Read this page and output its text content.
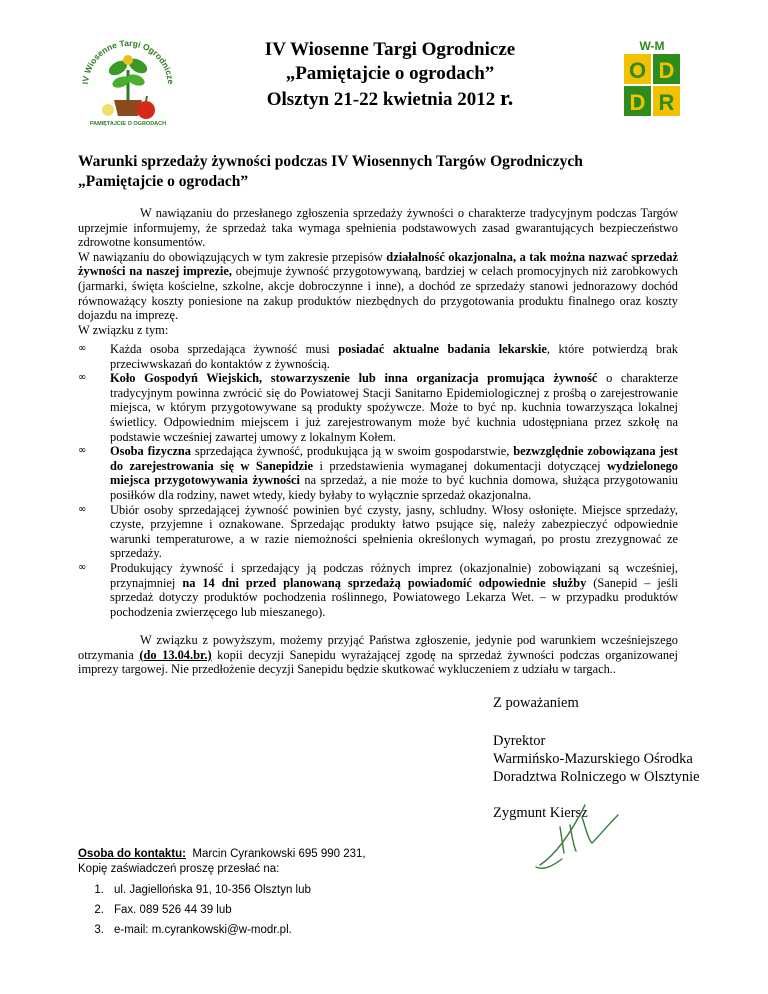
IV Wiosenne Targi Ogrodnicze
PAMIĘTAJCIE O OGRODACH
W-M
O D
D R
IV Wiosenne Targi Ogrodnicze
„Pamiętajcie o ogrodach”
Olsztyn 21-22 kwietnia 2012 r.
Warunki sprzedaży żywności podczas IV Wiosennych Targów Ogrodniczych
„Pamiętajcie o ogrodach”

W nawiązaniu do przesłanego zgłoszenia sprzedaży żywności o charakterze tradycyjnym podczas Targów uprzejmie informujemy, że sprzedaż taka wymaga spełnienia podstawowych zasad gwarantujących bezpieczeństwo zdrowotne konsumentów.

W nawiązaniu do obowiązujących w tym zakresie przepisów działalność okazjonalna, a tak można nazwać sprzedaż żywności na naszej imprezie, obejmuje żywność przygotowywaną, bardziej w celach promocyjnych niż zarobkowych (jarmarki, święta kościelne, szkolne, akcje dobroczynne i inne), a dochód ze sprzedaży stanowi jednorazowy dochód równoważący koszty poniesione na zakup produktów niezbędnych do przygotowania produktu finalnego oraz koszty dojazdu na imprezę.

W związku z tym:

∞ Każda osoba sprzedająca żywność musi posiadać aktualne badania lekarskie, które potwierdzą brak przeciwwskazań do kontaktów z żywnością.
∞ Koło Gospodyń Wiejskich, stowarzyszenie lub inna organizacja promująca żywność o charakterze tradycyjnym powinna zwrócić się do Powiatowej Stacji Sanitarno Epidemiologicznej z prośbą o zarejestrowanie miejsca, w którym przygotowywane są produkty spożywcze. Może to być np. kuchnia towarzysząca lokalnej świetlicy. Odpowiednim miejscem i już zarejestrowanym może być kuchnia udostępniana przez szkołę na podstawie wcześniej zawartej umowy z lokalnym Kołem.
∞ Osoba fizyczna sprzedająca żywność, produkująca ją w swoim gospodarstwie, bezwzględnie zobowiązana jest do zarejestrowania się w Sanepidzie i przedstawienia wymaganej dokumentacji dotyczącej wydzielonego miejsca przygotowywania żywności na sprzedaż, a nie może to być kuchnia domowa, służąca przygotowaniu posiłków dla rodziny, nawet wtedy, kiedy byłaby to wyłącznie sprzedaż okazjonalna.
∞ Ubiór osoby sprzedającej żywność powinien być czysty, jasny, schludny. Włosy osłonięte. Miejsce sprzedaży, czyste, przyjemne i oznakowane. Sprzedając produkty łatwo psujące się, należy zabezpieczyć odpowiednie warunki temperaturowe, a w razie niemożności spełnienia określonych wymagań, po prostu zrezygnować ze sprzedaży.
∞ Produkujący żywność i sprzedający ją podczas różnych imprez (okazjonalnie) zobowiązani są wcześniej, przynajmniej na 14 dni przed planowaną sprzedażą powiadomić odpowiednie służby (Sanepid – jeśli sprzedaż dotyczy produktów pochodzenia roślinnego, Powiatowego Lekarza Wet. – w przypadku produktów pochodzenia zwierzęcego lub mieszanego).

W związku z powyższym, możemy przyjąć Państwa zgłoszenie, jedynie pod warunkiem wcześniejszego otrzymania (do 13.04.br.) kopii decyzji Sanepidu wyrażającej zgodę na sprzedaż żywności podczas organizowanej imprezy targowej. Nie przedłożenie decyzji Sanepidu będzie skutkować wykluczeniem z udziału w targach..

Z poważaniem
Dyrektor
Warmińsko-Mazurskiego Ośrodka
Doradztwa Rolniczego w Olsztynie
Zygmunt Kiersz
Osoba do kontaktu: Marcin Cyrankowski 695 990 231,
Kopię zaświadczeń proszę przesłać na:
1. ul. Jagiellońska 91, 10-356 Olsztyn lub
2. Fax. 089 526 44 39 lub
3. e-mail: m.cyrankowski@w-modr.pl.
